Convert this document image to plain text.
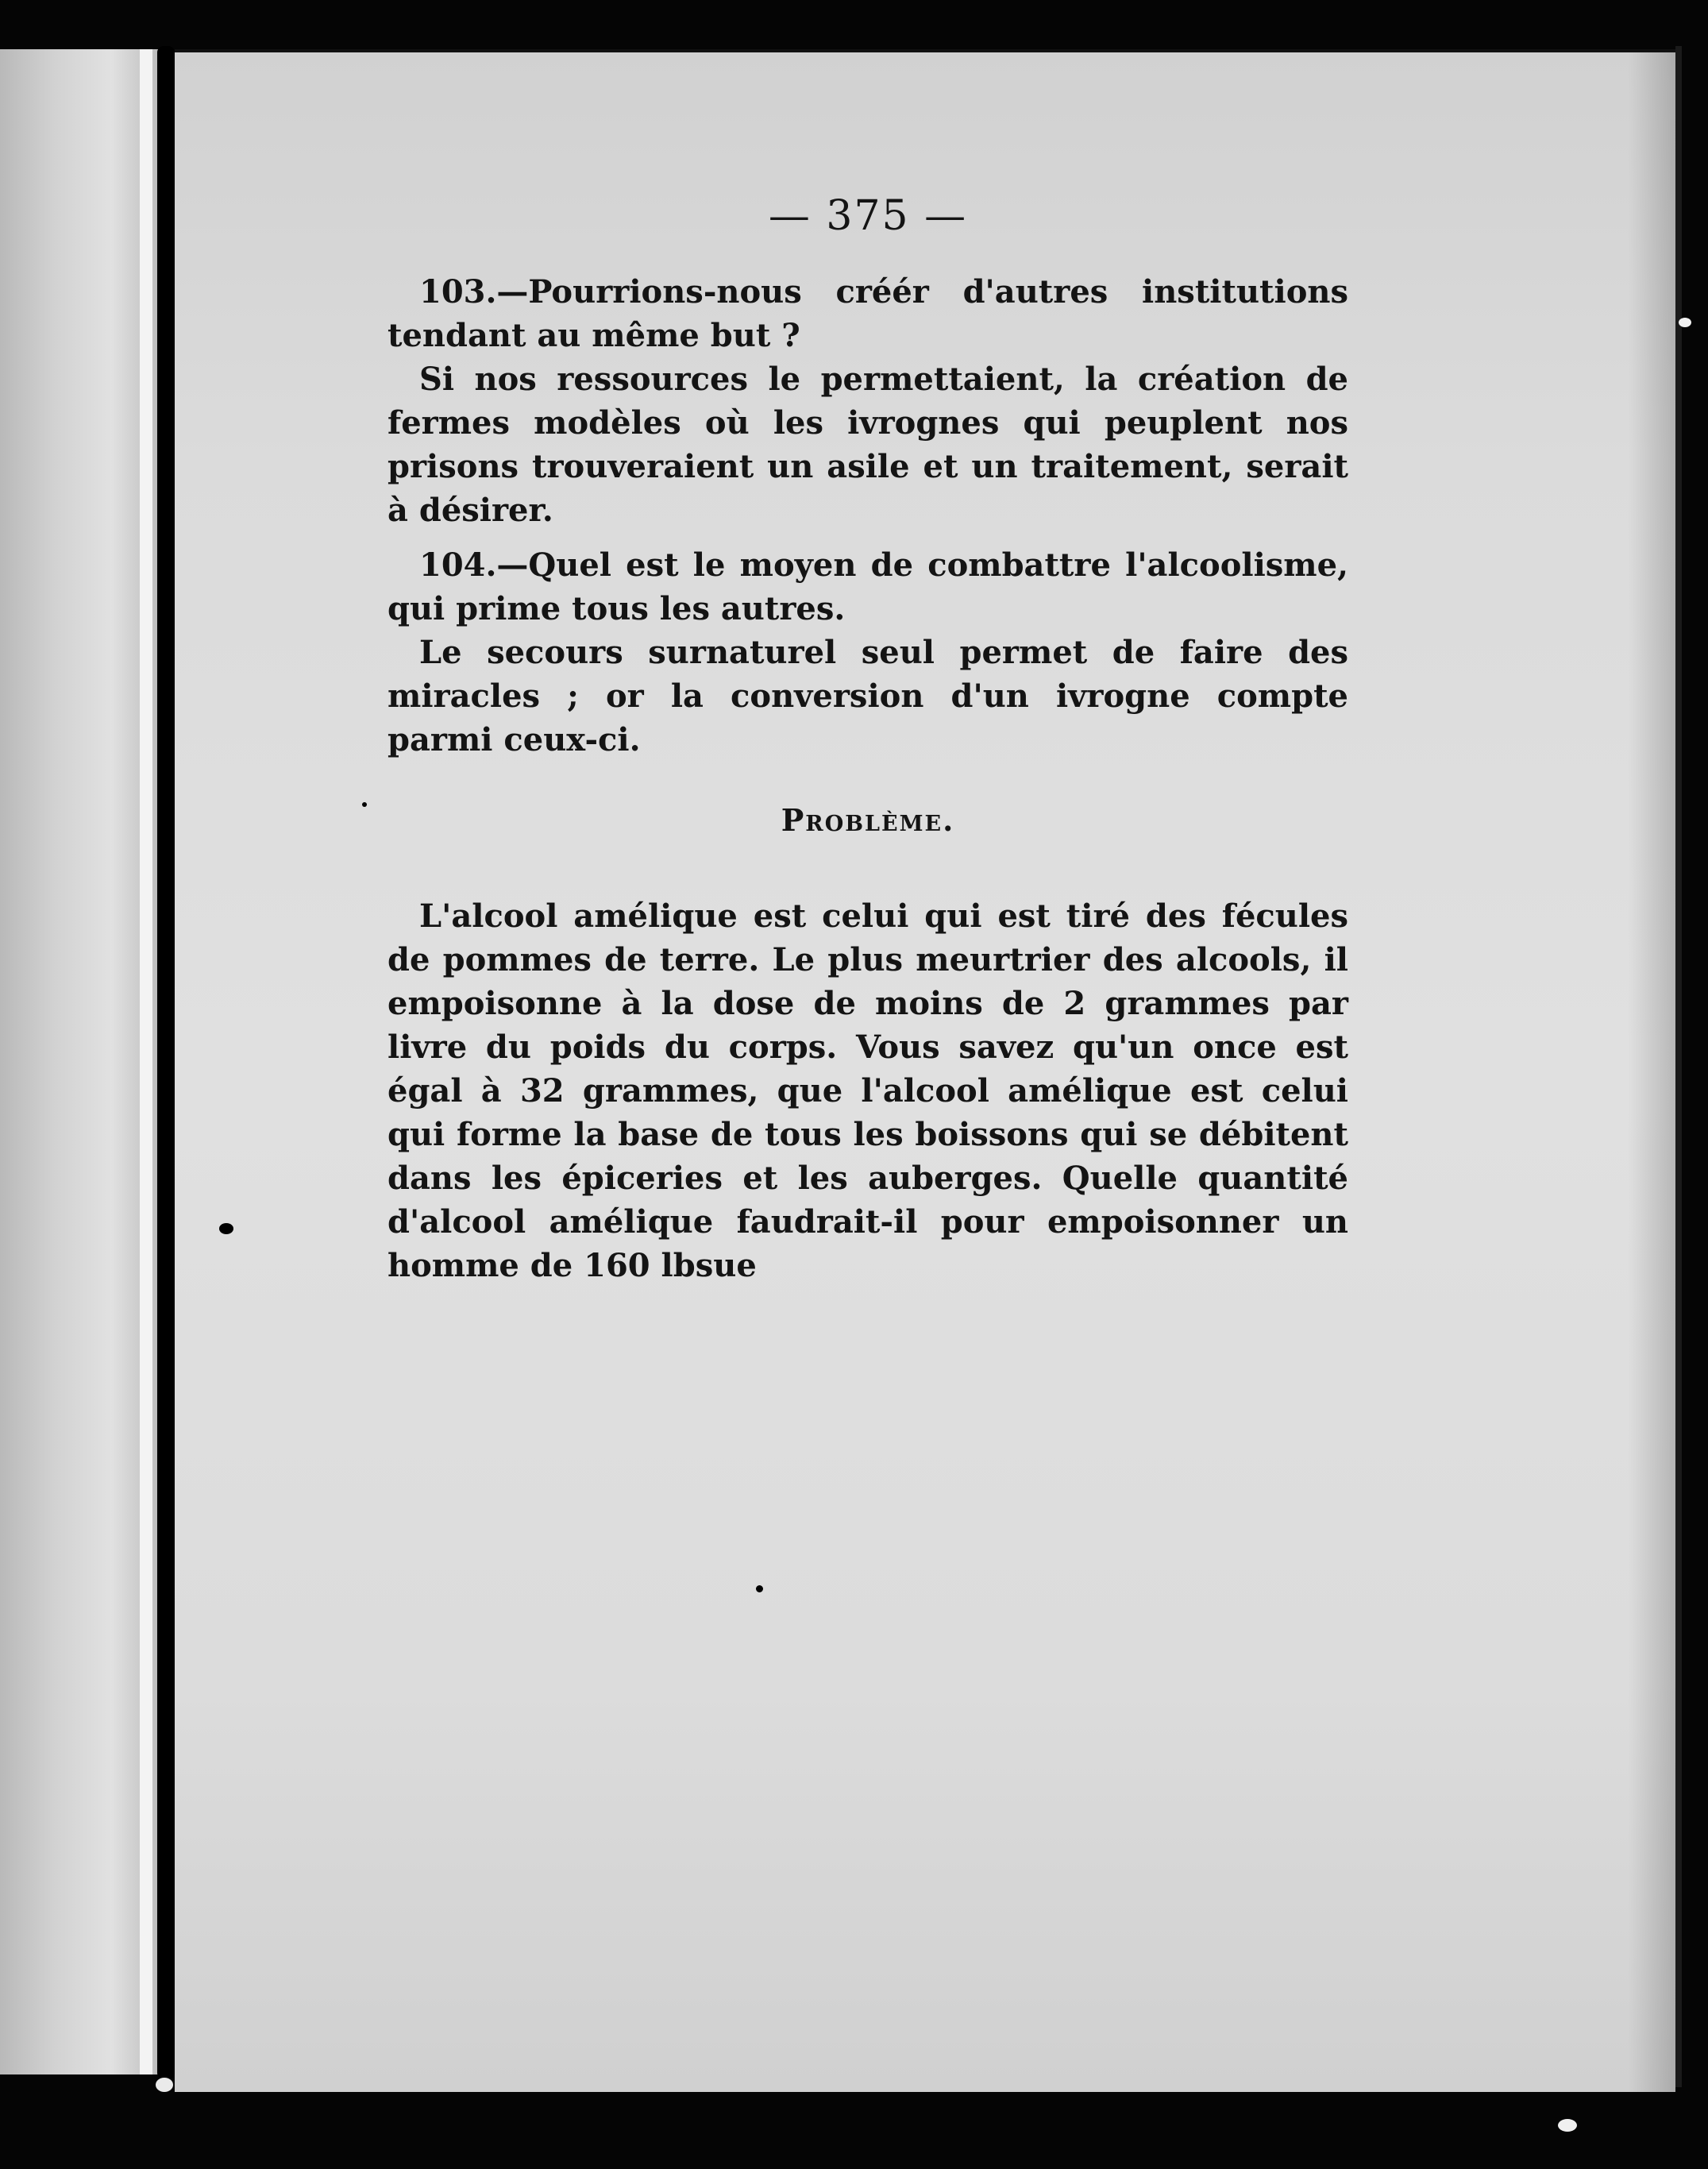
— 375 —

103.—Pourrions-nous créér d'autres institutions tendant au même but ?

Si nos ressources le permettaient, la création de fermes modèles où les ivrognes qui peuplent nos prisons trouveraient un asile et un traitement, serait à désirer.

104.—Quel est le moyen de combattre l'alcoolisme, qui prime tous les autres.

Le secours surnaturel seul permet de faire des miracles ; or la conversion d'un ivrogne compte parmi ceux-ci.

Problème.

L'alcool amélique est celui qui est tiré des fécules de pommes de terre. Le plus meurtrier des alcools, il empoisonne à la dose de moins de 2 grammes par livre du poids du corps. Vous savez qu'un once est égal à 32 grammes, que l'alcool amélique est celui qui forme la base de tous les boissons qui se débitent dans les épiceries et les auberges. Quelle quantité d'alcool amélique faudrait-il pour empoisonner un homme de 160 lbsue
